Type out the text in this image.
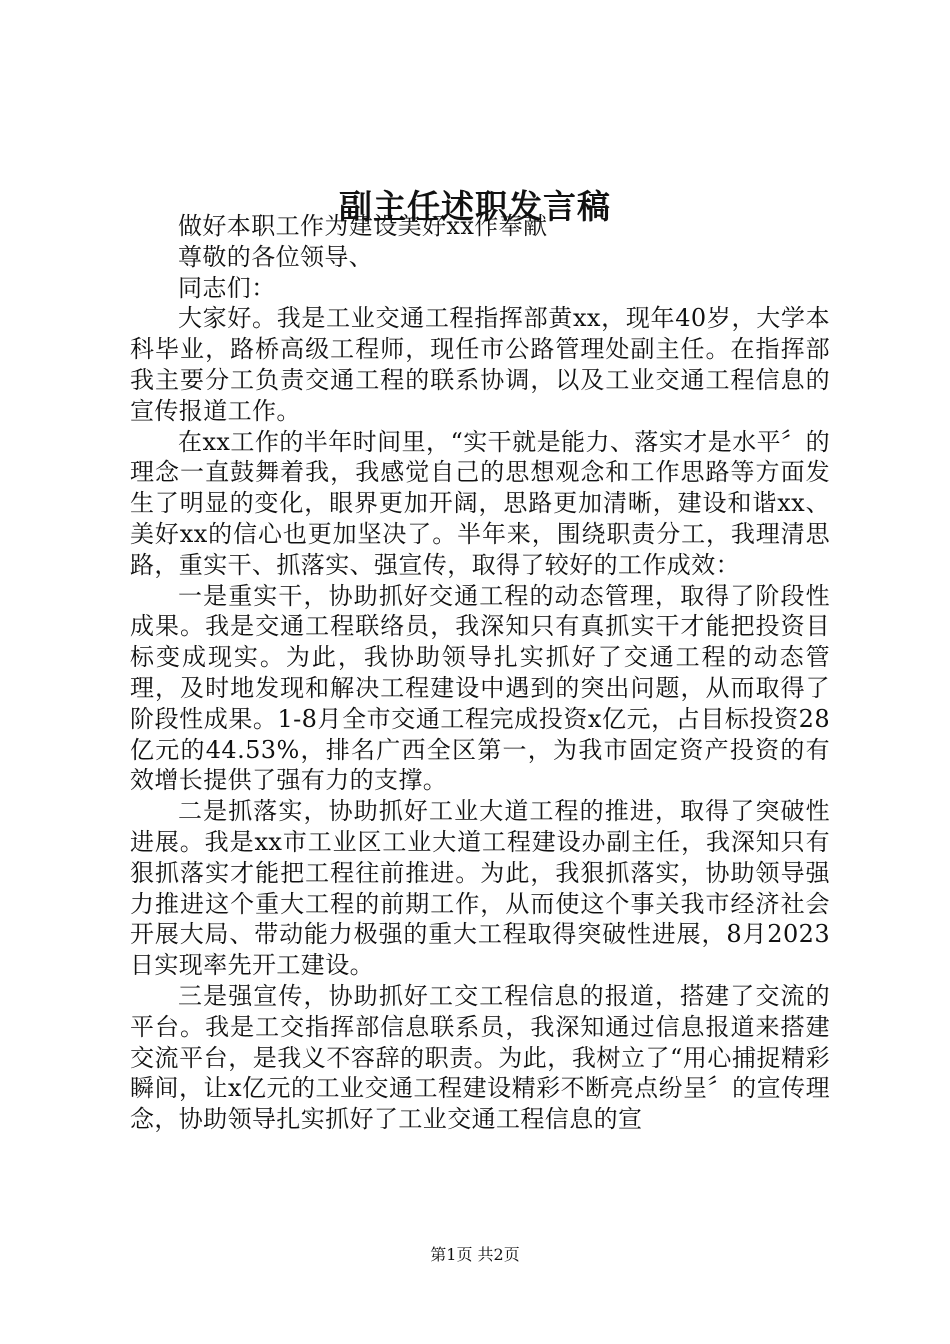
副主任述职发言稿

做好本职工作为建设美好xx作奉献

尊敬的各位领导、

同志们：

大家好。我是工业交通工程指挥部黄xx，现年40岁，大学本科毕业，路桥高级工程师，现任市公路管理处副主任。在指挥部我主要分工负责交通工程的联系协调，以及工业交通工程信息的宣传报道工作。

在xx工作的半年时间里，“实干就是能力、落实才是水平〞的理念一直鼓舞着我，我感觉自己的思想观念和工作思路等方面发生了明显的变化，眼界更加开阔，思路更加清晰，建设和谐xx、美好xx的信心也更加坚决了。半年来，围绕职责分工，我理清思路，重实干、抓落实、强宣传，取得了较好的工作成效：

一是重实干，协助抓好交通工程的动态管理，取得了阶段性成果。我是交通工程联络员，我深知只有真抓实干才能把投资目标变成现实。为此，我协助领导扎实抓好了交通工程的动态管理，及时地发现和解决工程建设中遇到的突出问题，从而取得了阶段性成果。1-8月全市交通工程完成投资x亿元，占目标投资28亿元的44.53%，排名广西全区第一，为我市固定资产投资的有效增长提供了强有力的支撑。

二是抓落实，协助抓好工业大道工程的推进，取得了突破性进展。我是xx市工业区工业大道工程建设办副主任，我深知只有狠抓落实才能把工程往前推进。为此，我狠抓落实，协助领导强力推进这个重大工程的前期工作，从而使这个事关我市经济社会开展大局、带动能力极强的重大工程取得突破性进展，8月2023日实现率先开工建设。

三是强宣传，协助抓好工交工程信息的报道，搭建了交流的平台。我是工交指挥部信息联系员，我深知通过信息报道来搭建交流平台，是我义不容辞的职责。为此，我树立了“用心捕捉精彩瞬间，让x亿元的工业交通工程建设精彩不断亮点纷呈〞的宣传理念，协助领导扎实抓好了工业交通工程信息的宣

第1页 共2页
